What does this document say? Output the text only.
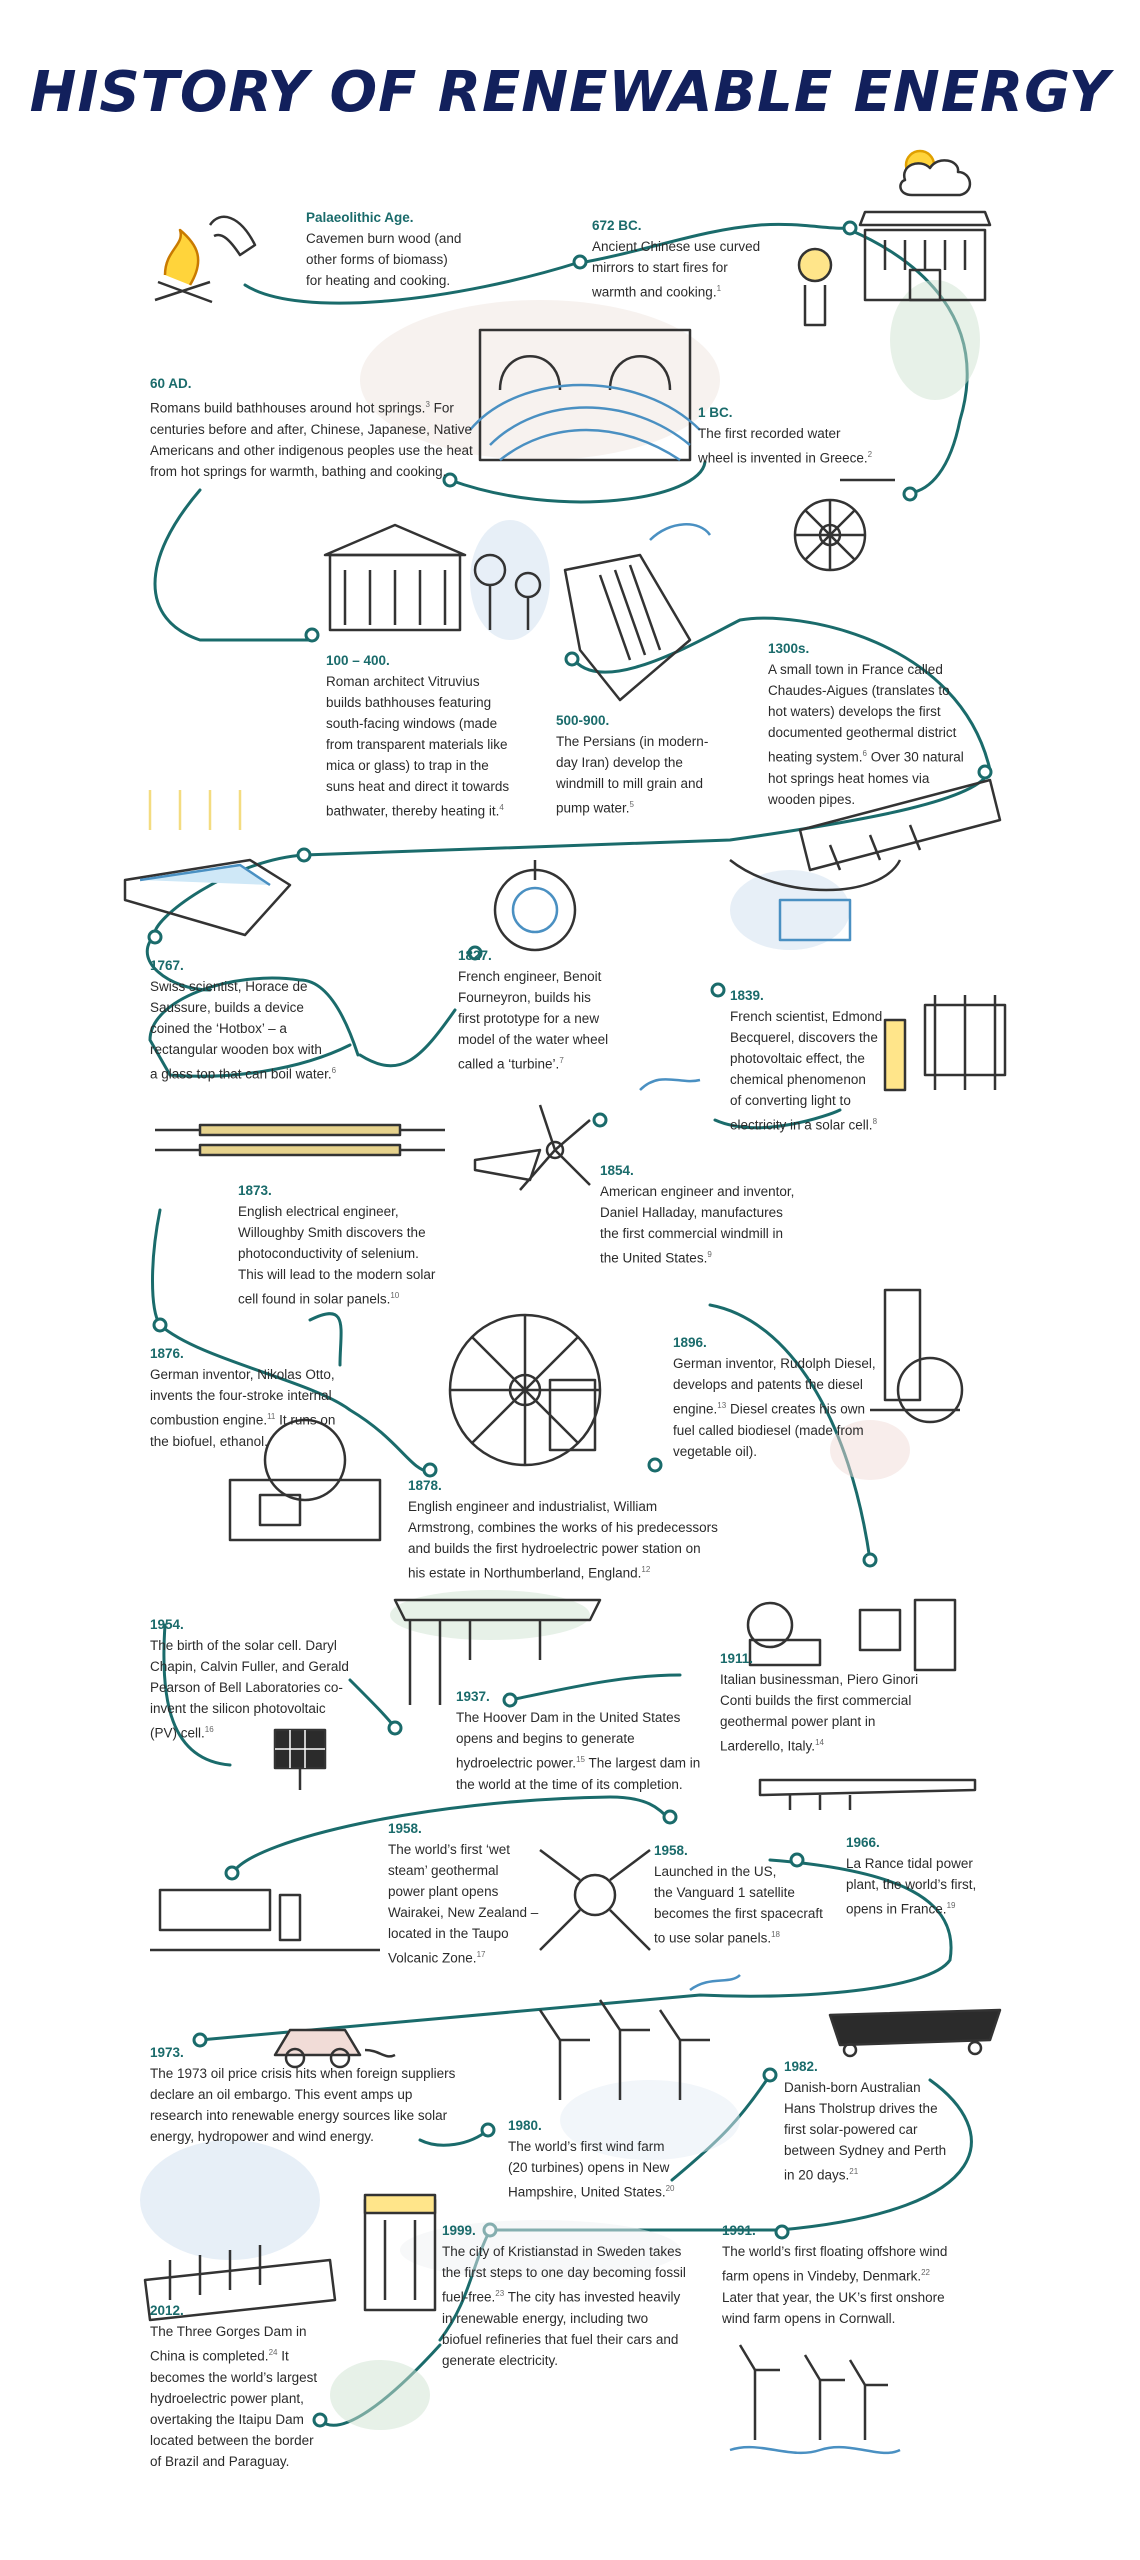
HISTORY OF RENEWABLE ENERGY
Palaeolithic Age.
Cavemen burn wood (and
other forms of biomass)
for heating and cooking.
672 BC.
Ancient Chinese use curved
mirrors to start fires for
warmth and cooking.$^1$
60 AD.
Romans build bathhouses around hot springs.$^3$ For
centuries before and after, Chinese, Japanese, Native
Americans and other indigenous peoples use the heat
from hot springs for warmth, bathing and cooking.
1 BC.
The first recorded water
wheel is invented in Greece.$^2$
100 – 400.
Roman architect Vitruvius
builds bathhouses featuring
south-facing windows (made
from transparent materials like
mica or glass) to trap in the
suns heat and direct it towards
bathwater, thereby heating it.$^4$
500-900.
The Persians (in modern-
day Iran) develop the
windmill to mill grain and
pump water.$^5$
1300s.
A small town in France called
Chaudes-Aigues (translates to
hot waters) develops the first
documented geothermal district
heating system.$^6$ Over 30 natural
hot springs heat homes via
wooden pipes.
1767.
Swiss scientist, Horace de
Saussure, builds a device
coined the ‘Hotbox’ – a
rectangular wooden box with
a glass top that can boil water.$^6$
1827.
French engineer, Benoit
Fourneyron, builds his
first prototype for a new
model of the water wheel
called a ‘turbine’.$^7$
1839.
French scientist, Edmond
Becquerel, discovers the
photovoltaic effect, the
chemical phenomenon
of converting light to
electricity in a solar cell.$^8$
1873.
English electrical engineer,
Willoughby Smith discovers the
photoconductivity of selenium.
This will lead to the modern solar
cell found in solar panels.$^{10}$
1854.
American engineer and inventor,
Daniel Halladay, manufactures
the first commercial windmill in
the United States.$^9$
1876.
German inventor, Nikolas Otto,
invents the four-stroke internal
combustion engine.$^{11}$ It runs on
the biofuel, ethanol.
1896.
German inventor, Rudolph Diesel,
develops and patents the diesel
engine.$^{13}$ Diesel creates his own
fuel called biodiesel (made from
vegetable oil).
1878.
English engineer and industrialist, William
Armstrong, combines the works of his predecessors
and builds the first hydroelectric power station on
his estate in Northumberland, England.$^{12}$
1954.
The birth of the solar cell. Daryl
Chapin, Calvin Fuller, and Gerald
Pearson of Bell Laboratories co-
invent the silicon photovoltaic
(PV) cell.$^{16}$
1937.
The Hoover Dam in the United States
opens and begins to generate
hydroelectric power.$^{15}$ The largest dam in
the world at the time of its completion.
1911.
Italian businessman, Piero Ginori
Conti builds the first commercial
geothermal power plant in
Larderello, Italy.$^{14}$
1958.
The world’s first ‘wet
steam’ geothermal
power plant opens
Wairakei, New Zealand –
located in the Taupo
Volcanic Zone.$^{17}$
1958.
Launched in the US,
the Vanguard 1 satellite
becomes the first spacecraft
to use solar panels.$^{18}$
1966.
La Rance tidal power
plant, the world’s first,
opens in France.$^{19}$
1973.
The 1973 oil price crisis hits when foreign suppliers
declare an oil embargo. This event amps up
research into renewable energy sources like solar
energy, hydropower and wind energy.
1980.
The world’s first wind farm
(20 turbines) opens in New
Hampshire, United States.$^{20}$
1982.
Danish-born Australian
Hans Tholstrup drives the
first solar-powered car
between Sydney and Perth
in 20 days.$^{21}$
2012.
The Three Gorges Dam in
China is completed.$^{24}$ It
becomes the world’s largest
hydroelectric power plant,
overtaking the Itaipu Dam
located between the border
of Brazil and Paraguay.
1999.
The city of Kristianstad in Sweden takes
the first steps to one day becoming fossil
fuel-free.$^{23}$ The city has invested heavily
in renewable energy, including two
biofuel refineries that fuel their cars and
generate electricity.
1991.
The world’s first floating offshore wind
farm opens in Vindeby, Denmark.$^{22}$
Later that year, the UK’s first onshore
wind farm opens in Cornwall.
